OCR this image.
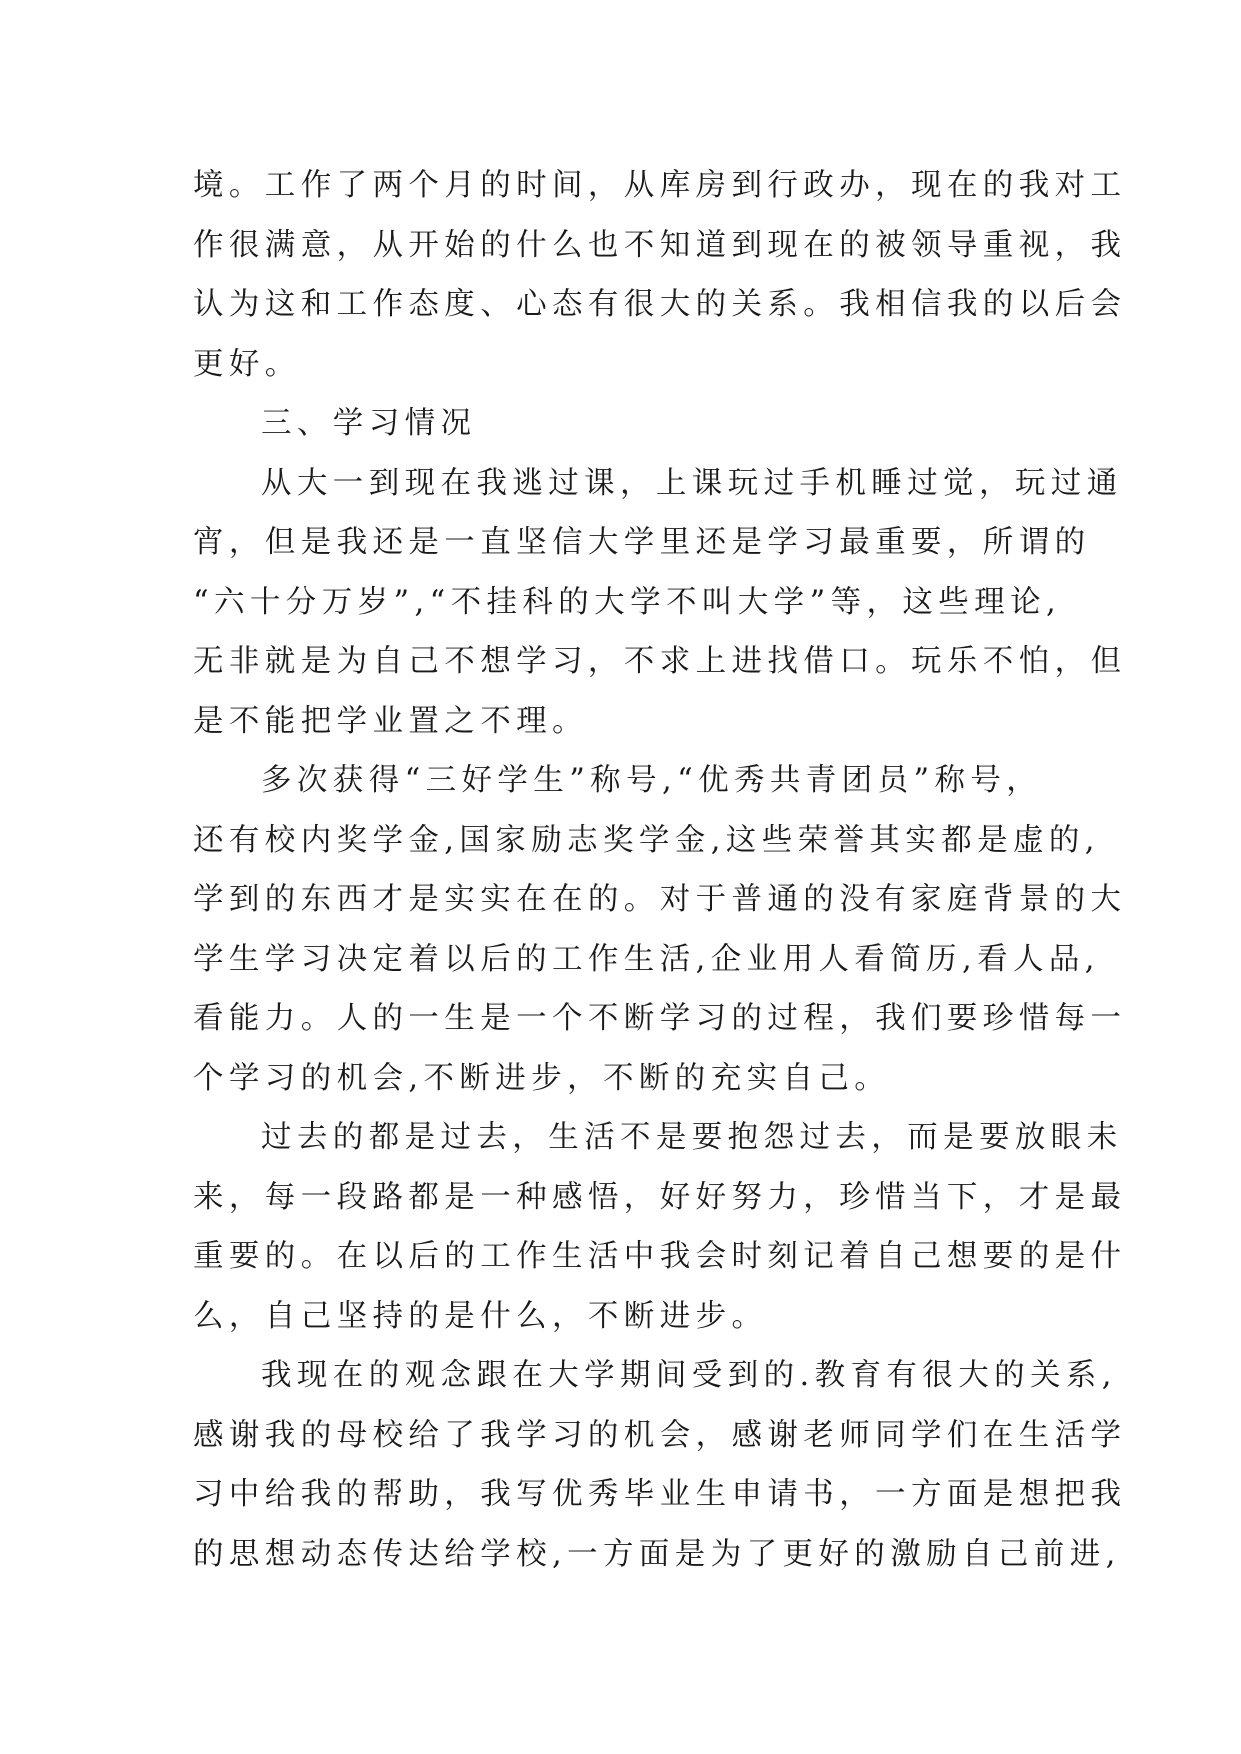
境。工作了两个月的时间，从库房到行政办，现在的我对工
作很满意，从开始的什么也不知道到现在的被领导重视，我
认为这和工作态度、心态有很大的关系。我相信我的以后会
更好。
三、学习情况
从大一到现在我逃过课，上课玩过手机睡过觉，玩过通
宵，但是我还是一直坚信大学里还是学习最重要，所谓的
“六十分万岁”,“不挂科的大学不叫大学”等，这些理论,
无非就是为自己不想学习，不求上进找借口。玩乐不怕，但
是不能把学业置之不理。
多次获得“三好学生”称号,“优秀共青团员”称号，
还有校内奖学金,国家励志奖学金,这些荣誉其实都是虚的,
学到的东西才是实实在在的。对于普通的没有家庭背景的大
学生学习决定着以后的工作生活,企业用人看简历,看人品,
看能力。人的一生是一个不断学习的过程，我们要珍惜每一
个学习的机会,不断进步，不断的充实自己。
过去的都是过去，生活不是要抱怨过去，而是要放眼未
来，每一段路都是一种感悟，好好努力，珍惜当下，才是最
重要的。在以后的工作生活中我会时刻记着自己想要的是什
么，自己坚持的是什么，不断进步。
我现在的观念跟在大学期间受到的.教育有很大的关系,
感谢我的母校给了我学习的机会，感谢老师同学们在生活学
习中给我的帮助，我写优秀毕业生申请书，一方面是想把我
的思想动态传达给学校,一方面是为了更好的激励自己前进,
